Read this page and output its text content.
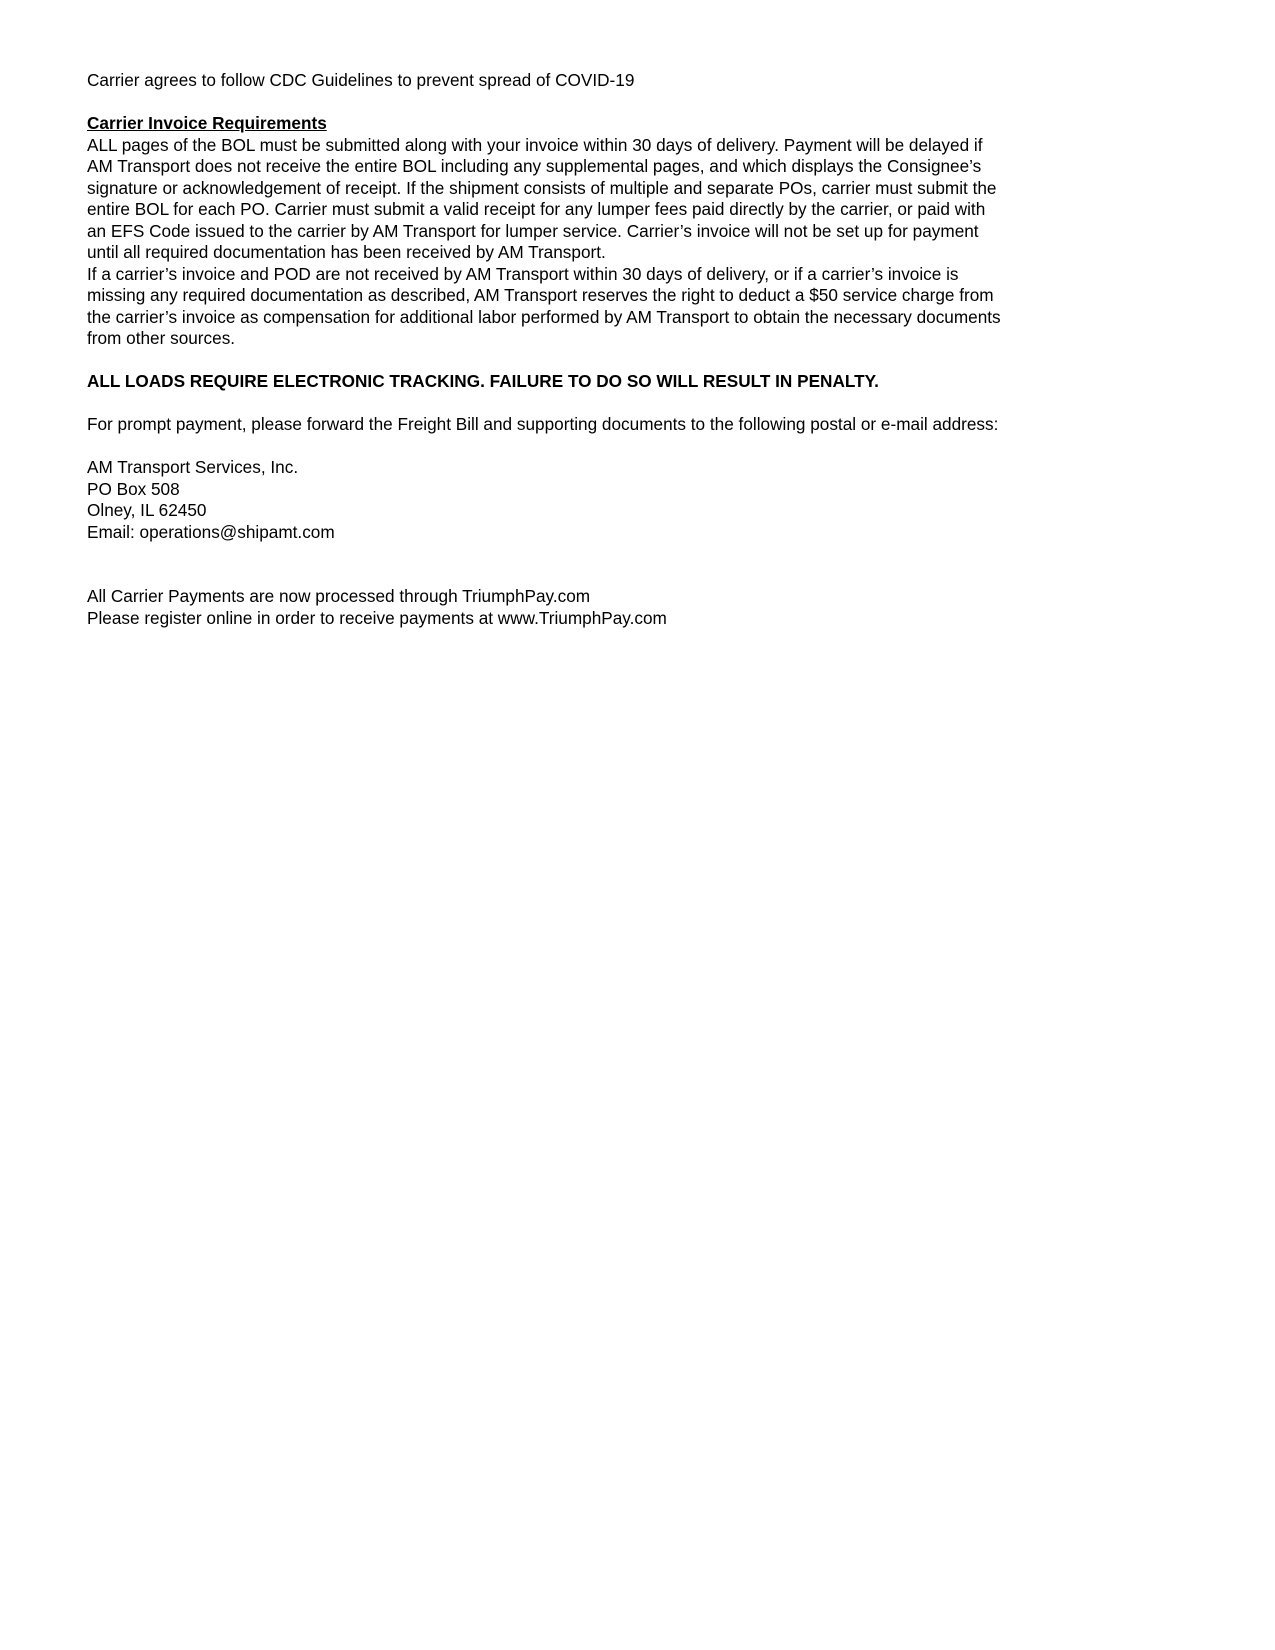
Carrier agrees to follow CDC Guidelines to prevent spread of COVID-19
Carrier Invoice Requirements
ALL pages of the BOL must be submitted along with your invoice within 30 days of delivery. Payment will be delayed if
AM Transport does not receive the entire BOL including any supplemental pages, and which displays the Consignee’s
signature or acknowledgement of receipt. If the shipment consists of multiple and separate POs, carrier must submit the
entire BOL for each PO. Carrier must submit a valid receipt for any lumper fees paid directly by the carrier, or paid with
an EFS Code issued to the carrier by AM Transport for lumper service. Carrier’s invoice will not be set up for payment
until all required documentation has been received by AM Transport.
If a carrier’s invoice and POD are not received by AM Transport within 30 days of delivery, or if a carrier’s invoice is
missing any required documentation as described, AM Transport reserves the right to deduct a $50 service charge from
the carrier’s invoice as compensation for additional labor performed by AM Transport to obtain the necessary documents
from other sources.
ALL LOADS REQUIRE ELECTRONIC TRACKING. FAILURE TO DO SO WILL RESULT IN PENALTY.
For prompt payment, please forward the Freight Bill and supporting documents to the following postal or e-mail address:
AM Transport Services, Inc.
PO Box 508
Olney, IL 62450
Email: operations@shipamt.com
All Carrier Payments are now processed through TriumphPay.com
Please register online in order to receive payments at www.TriumphPay.com
